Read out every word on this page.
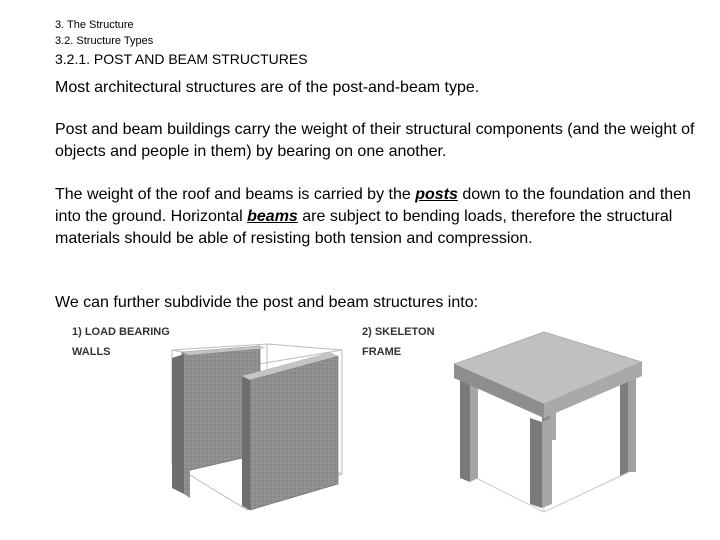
3. The Structure
3.2. Structure Types
3.2.1. POST AND BEAM STRUCTURES

Most architectural structures are of the post-and-beam type.

Post and beam buildings carry the weight of their structural components (and the weight of objects and people in them) by bearing on one another.

The weight of the roof and beams is carried by the posts down to the foundation and then into the ground. Horizontal beams are subject to bending loads, therefore the structural materials should be able of resisting both tension and compression.

We can further subdivide the post and beam structures into:

1) LOAD BEARING
WALLS
2) SKELETON
FRAME
